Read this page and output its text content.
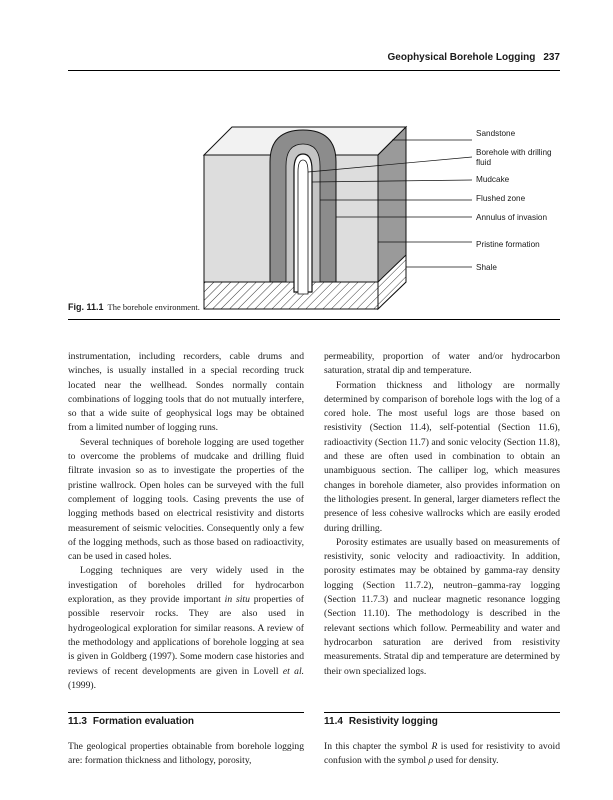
Geophysical Borehole Logging 237
Sandstone
Borehole with drilling
fluid
Mudcake
Flushed zone
Annulus of invasion
Pristine formation
Shale
Fig. 11.1 The borehole environment.

instrumentation, including recorders, cable drums and winches, is usually installed in a special recording truck located near the wellhead. Sondes normally contain combinations of logging tools that do not mutually interfere, so that a wide suite of geophysical logs may be obtained from a limited number of logging runs.

Several techniques of borehole logging are used together to overcome the problems of mudcake and drilling fluid filtrate invasion so as to investigate the properties of the pristine wallrock. Open holes can be surveyed with the full complement of logging tools. Casing prevents the use of logging methods based on electrical resistivity and distorts measurement of seismic velocities. Consequently only a few of the logging methods, such as those based on radioactivity, can be used in cased holes.

Logging techniques are very widely used in the investigation of boreholes drilled for hydrocarbon exploration, as they provide important in situ properties of possible reservoir rocks. They are also used in hydrogeological exploration for similar reasons. A review of the methodology and applications of borehole logging at sea is given in Goldberg (1997). Some modern case histories and reviews of recent developments are given in Lovell et al. (1999).

permeability, proportion of water and/or hydrocarbon saturation, stratal dip and temperature.

Formation thickness and lithology are normally determined by comparison of borehole logs with the log of a cored hole. The most useful logs are those based on resistivity (Section 11.4), self-potential (Section 11.6), radioactivity (Section 11.7) and sonic velocity (Section 11.8), and these are often used in combination to obtain an unambiguous section. The calliper log, which measures changes in borehole diameter, also provides information on the lithologies present. In general, larger diameters reflect the presence of less cohesive wallrocks which are easily eroded during drilling.

Porosity estimates are usually based on measurements of resistivity, sonic velocity and radioactivity. In addition, porosity estimates may be obtained by gamma-ray density logging (Section 11.7.2), neutron–gamma-ray logging (Section 11.7.3) and nuclear magnetic resonance logging (Section 11.10). The methodology is described in the relevant sections which follow. Permeability and water and hydrocarbon saturation are derived from resistivity measurements. Stratal dip and temperature are determined by their own specialized logs.

11.3 Formation evaluation
The geological properties obtainable from borehole logging are: formation thickness and lithology, porosity,
11.4 Resistivity logging
In this chapter the symbol R is used for resistivity to avoid confusion with the symbol ρ used for density.
